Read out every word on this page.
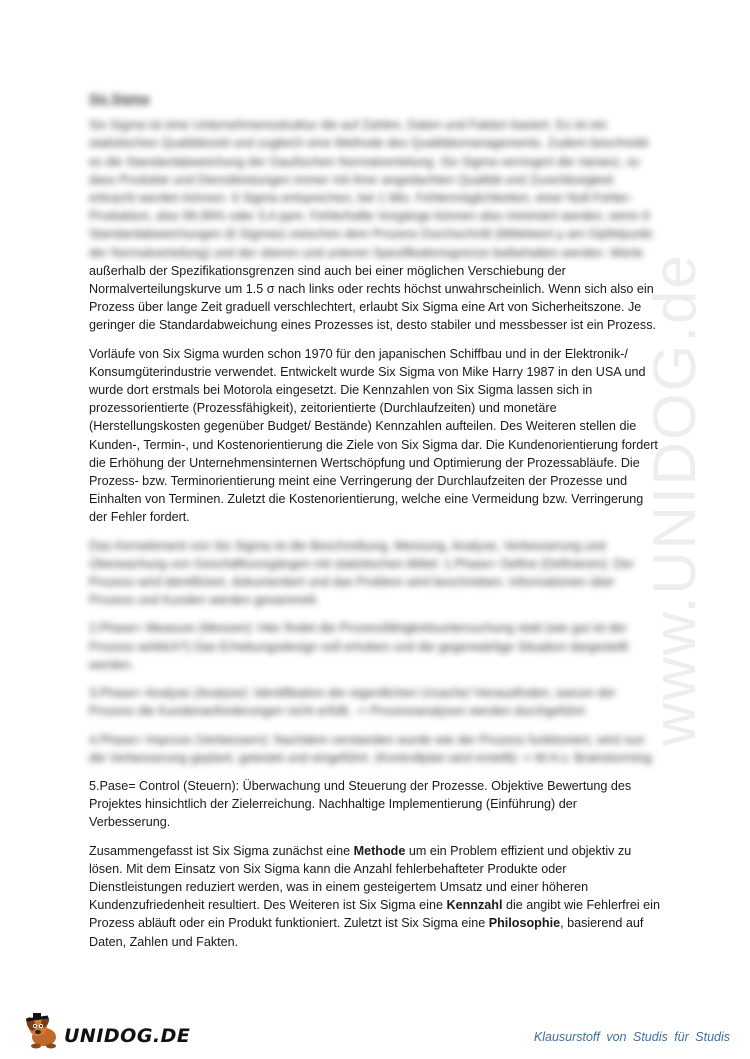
www.UNIDOG.de

Six Sigma

Six Sigma ist eine Unternehmensstruktur die auf Zahlen, Daten und Fakten basiert. Es ist ein statistisches Qualitätsziel und zugleich eine Methode des Qualitätsmanagements. Zudem beschreibt es die Standardabweichung der Gaußschen Normalverteilung. Six Sigma verringert die Varianz, so dass Produkte und Dienstleistungen immer mit ihrer angedachten Qualität und Zuverlässigkeit erbracht werden können. 6 Sigma entsprechen, bei 1 Mio. Fehlermöglichkeiten, einer Null-Fehler-Produktion, also 99,99% oder 3,4 ppm. Fehlerhafte Vorgänge können also minimiert werden, wenn 6 Standardabweichungen (6 Sigmas) zwischen dem Prozess Durchschnitt (Mittelwert μ am Gipfelpunkt der Normalverteilung) und der oberen und unteren Spezifikationsgrenze beibehalten werden. Werte außerhalb der Spezifikationsgrenzen sind auch bei einer möglichen Verschiebung der Normalverteilungskurve um 1.5 σ nach links oder rechts höchst unwahrscheinlich. Wenn sich also ein Prozess über lange Zeit graduell verschlechtert, erlaubt Six Sigma eine Art von Sicherheitszone. Je geringer die Standardabweichung eines Prozesses ist, desto stabiler und messbesser ist ein Prozess.

Vorläufe von Six Sigma wurden schon 1970 für den japanischen Schiffbau und in der Elektronik-/ Konsumgüterindustrie verwendet. Entwickelt wurde Six Sigma von Mike Harry 1987 in den USA und wurde dort erstmals bei Motorola eingesetzt. Die Kennzahlen von Six Sigma lassen sich in prozessorientierte (Prozessfähigkeit), zeitorientierte (Durchlaufzeiten) und monetäre (Herstellungskosten gegenüber Budget/ Bestände) Kennzahlen aufteilen. Des Weiteren stellen die Kunden-, Termin-, und Kostenorientierung die Ziele von Six Sigma dar. Die Kundenorientierung fordert die Erhöhung der Unternehmensinternen Wertschöpfung und Optimierung der Prozessabläufe. Die Prozess- bzw. Terminorientierung meint eine Verringerung der Durchlaufzeiten der Prozesse und Einhalten von Terminen. Zuletzt die Kostenorientierung, welche eine Vermeidung bzw. Verringerung der Fehler fordert.

Das Kernelement von Six Sigma ist die Beschreibung, Messung, Analyse, Verbesserung und Überwachung von Geschäftsvorgängen mit statistischen Mittel: 1.Phase= Define (Definieren): Der Prozess wird identifiziert, dokumentiert und das Problem wird beschrieben. Informationen über Prozess und Kunden werden gesammelt.

2.Phase= Measure (Messen): Hier findet die Prozessfähigkeitsuntersuchung statt (wie gut ist der Prozess wirklich?) Das Erhebungsdesign soll erhoben und die gegenwärtige Situation dargestellt werden.

3.Phase= Analyse (Analyse): Identifikation der eigentlichen Ursache/ Herausfinden, warum der Prozess die Kundenanforderungen nicht erfüllt. -> Prozessanalysen werden durchgeführt

4.Phase= Improve (Verbessern): Nachdem verstanden wurde wie der Prozess funktioniert, wird nun die Verbesserung geplant, getestet und eingeführt. (Kontrollplan wird erstellt) -> M.H.v. Brainstorming

5.Pase= Control (Steuern): Überwachung und Steuerung der Prozesse. Objektive Bewertung des Projektes hinsichtlich der Zielerreichung. Nachhaltige Implementierung (Einführung) der Verbesserung.

Zusammengefasst ist Six Sigma zunächst eine Methode um ein Problem effizient und objektiv zu lösen. Mit dem Einsatz von Six Sigma kann die Anzahl fehlerbehafteter Produkte oder Dienstleistungen reduziert werden, was in einem gesteigertem Umsatz und einer höheren Kundenzufriedenheit resultiert. Des Weiteren ist Six Sigma eine Kennzahl die angibt wie Fehlerfrei ein Prozess abläuft oder ein Produkt funktioniert. Zuletzt ist Six Sigma eine Philosophie, basierend auf Daten, Zahlen und Fakten.

UNIDOG.DE	Klausurstoff von Studis für Studis
